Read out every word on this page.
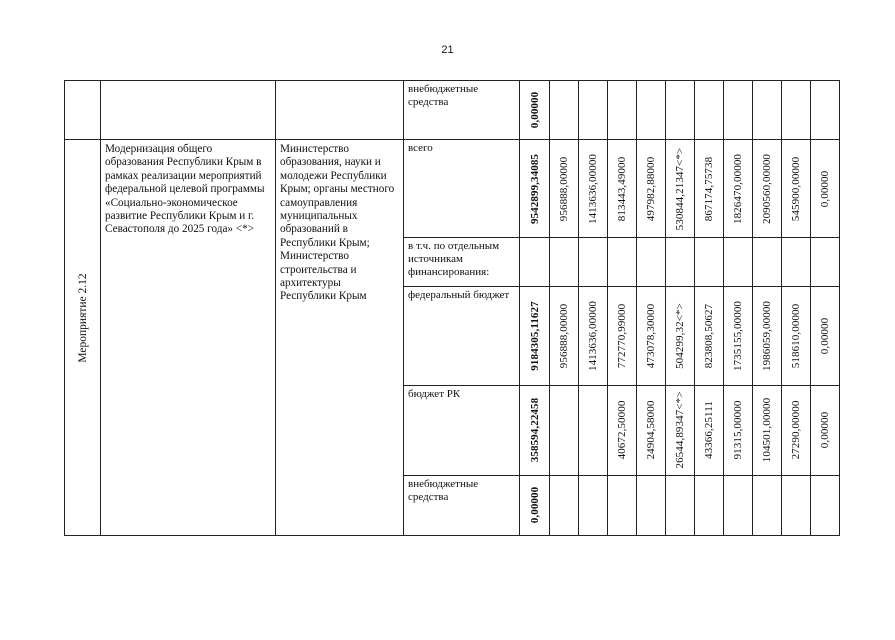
21

			внебюджетные средства	0,00000										

Мероприятие 2.12	Модернизация общего образования Республики Крым в рамках реализации мероприятий федеральной целевой программы «Социально-экономическое развитие Республики Крым и г. Севастополя до 2025 года» <*>	Министерство образования, науки и молодежи Республики Крым; органы местного самоуправления муниципальных образований в Республики Крым; Министерство строительства и архитектуры Республики Крым	всего	9542899,34085	956888,00000	1413636,00000	813443,49000	497982,88000	530844,21347<*>	867174,75738	1826470,00000	2090560,00000	545900,00000	0,00000

			в т.ч. по отдельным источникам финансирования:											

			федеральный бюджет	9184305,11627	956888,00000	1413636,00000	772770,99000	473078,30000	504299,32<*>	823808,50627	1735155,00000	1986059,00000	518610,00000	0,00000

			бюджет РК	358594,22458			40672,50000	24904,58000	26544,89347<*>	43366,25111	91315,00000	104501,00000	27290,00000	0,00000

			внебюджетные средства	0,00000										
